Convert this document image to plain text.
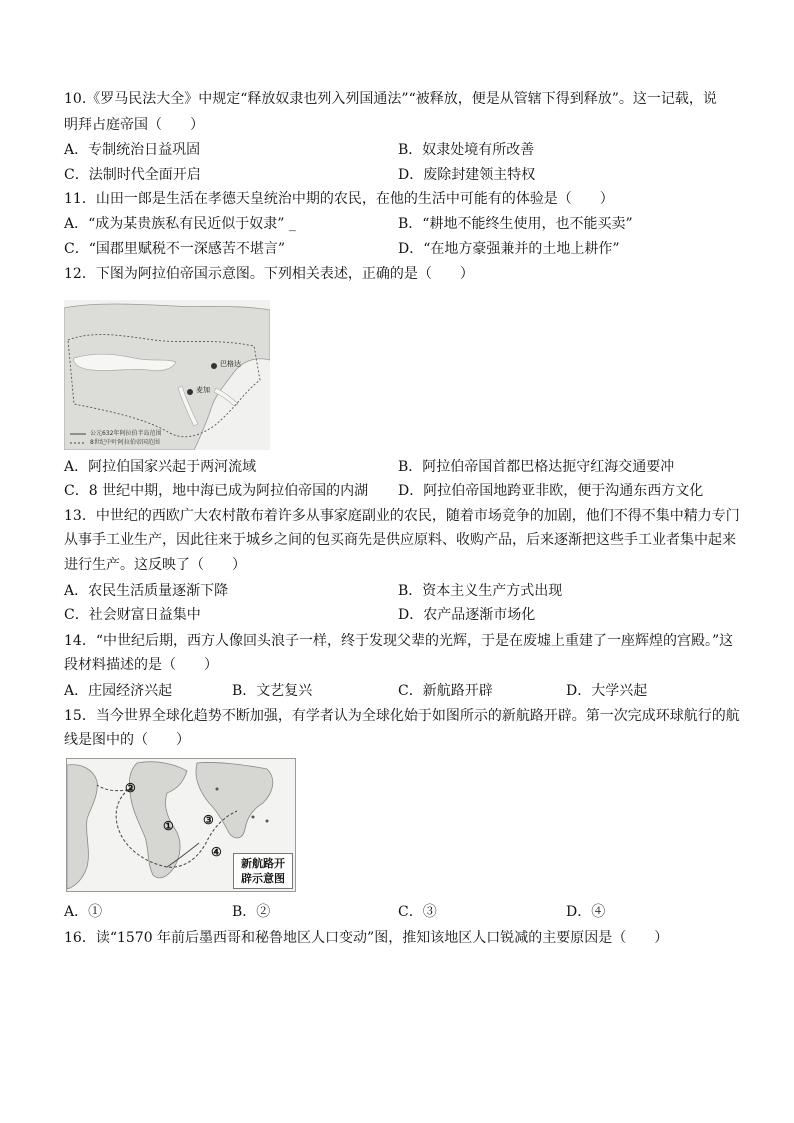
10.《罗马民法大全》中规定“释放奴隶也列入列国通法”“被释放，便是从管辖下得到释放”。这一记载，说
明拜占庭帝国（　　）
A．专制统治日益巩固	B．奴隶处境有所改善
C．法制时代全面开启	D．废除封建领主特权
11．山田一郎是生活在孝德天皇统治中期的农民，在他的生活中可能有的体验是（　　）
A．“成为某贵族私有民近似于奴隶” _	B．“耕地不能终生使用，也不能买卖”
C．“国郡里赋税不一深感苦不堪言”	D．“在地方豪强兼并的土地上耕作”
12．下图为阿拉伯帝国示意图。下列相关表述，正确的是（　　）
巴格达
麦加
公元632年阿拉伯半岛范围
8世纪中叶阿拉伯帝国范围
A．阿拉伯国家兴起于两河流域	B．阿拉伯帝国首都巴格达扼守红海交通要冲
C．8 世纪中期，地中海已成为阿拉伯帝国的内湖 D．阿拉伯帝国地跨亚非欧，便于沟通东西方文化
13．中世纪的西欧广大农村散布着许多从事家庭副业的农民，随着市场竞争的加剧，他们不得不集中精力专门
从事手工业生产，因此往来于城乡之间的包买商先是供应原料、收购产品，后来逐渐把这些手工业者集中起来
进行生产。这反映了（　　）
A．农民生活质量逐渐下降	B．资本主义生产方式出现
C．社会财富日益集中	D．农产品逐渐市场化
14．“中世纪后期，西方人像回头浪子一样，终于发现父辈的光辉，于是在废墟上重建了一座辉煌的宫殿。”这
段材料描述的是（　　）
A．庄园经济兴起	B．文艺复兴	C．新航路开辟	D．大学兴起
15．当今世界全球化趋势不断加强，有学者认为全球化始于如图所示的新航路开辟。第一次完成环球航行的航
线是图中的（　　）
②
① ③
④
新航路开
辟示意图
A．①	B．②	C．③	D．④
16．读“1570 年前后墨西哥和秘鲁地区人口变动”图，推知该地区人口锐减的主要原因是（　　）
